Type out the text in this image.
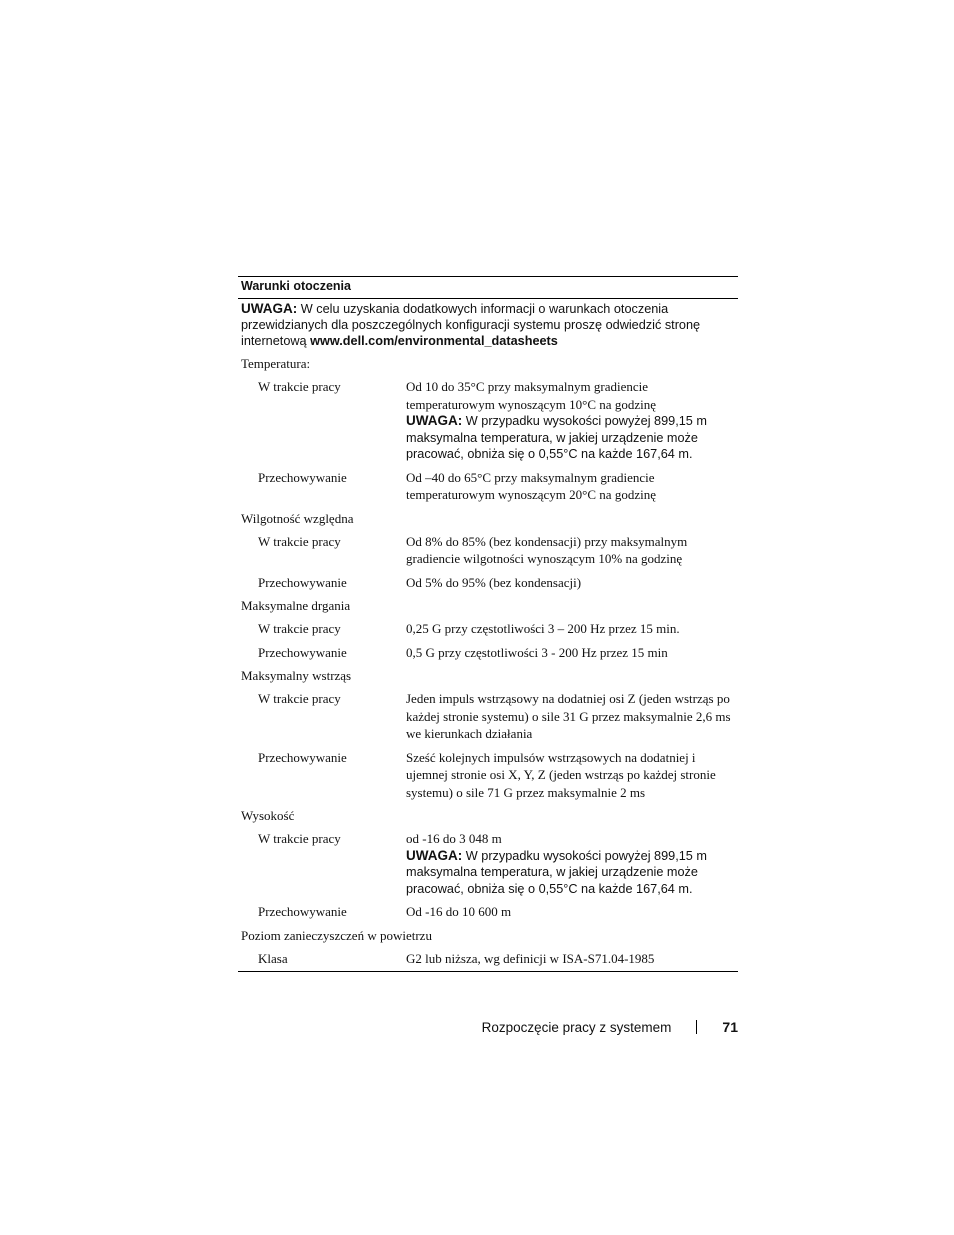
Warunki otoczenia
UWAGA: W celu uzyskania dodatkowych informacji o warunkach otoczenia przewidzianych dla poszczególnych konfiguracji systemu proszę odwiedzić stronę internetową www.dell.com/environmental_datasheets
Temperatura:
W trakcie pracy	Od 10 do 35°C przy maksymalnym gradiencie temperaturowym wynoszącym 10°C na godzinę
UWAGA: W przypadku wysokości powyżej 899,15 m maksymalna temperatura, w jakiej urządzenie może pracować, obniża się o 0,55°C na każde 167,64 m.
Przechowywanie	Od –40 do 65°C przy maksymalnym gradiencie temperaturowym wynoszącym 20°C na godzinę
Wilgotność względna
W trakcie pracy	Od 8% do 85% (bez kondensacji) przy maksymalnym gradiencie wilgotności wynoszącym 10% na godzinę
Przechowywanie	Od 5% do 95% (bez kondensacji)
Maksymalne drgania
W trakcie pracy	0,25 G przy częstotliwości 3 – 200 Hz przez 15 min.
Przechowywanie	0,5 G przy częstotliwości 3 - 200 Hz przez 15 min
Maksymalny wstrząs
W trakcie pracy	Jeden impuls wstrząsowy na dodatniej osi Z (jeden wstrząs po każdej stronie systemu) o sile 31 G przez maksymalnie 2,6 ms we kierunkach działania
Przechowywanie	Sześć kolejnych impulsów wstrząsowych na dodatniej i ujemnej stronie osi X, Y, Z (jeden wstrząs po każdej stronie systemu) o sile 71 G przez maksymalnie 2 ms
Wysokość
W trakcie pracy	od -16 do 3 048 m
UWAGA: W przypadku wysokości powyżej 899,15 m maksymalna temperatura, w jakiej urządzenie może pracować, obniża się o 0,55°C na każde 167,64 m.
Przechowywanie	Od -16 do 10 600 m
Poziom zanieczyszczeń w powietrzu
Klasa	G2 lub niższa, wg definicji w ISA-S71.04-1985
Rozpoczęcie pracy z systemem	71
